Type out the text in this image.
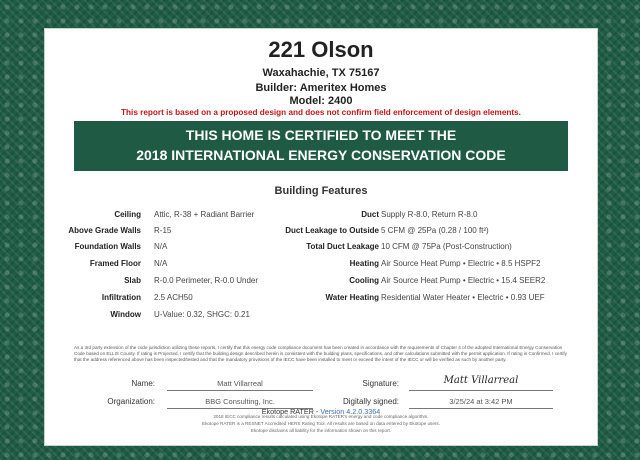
221 Olson
Waxahachie, TX 75167
Builder: Ameritex Homes
Model: 2400
This report is based on a proposed design and does not confirm field enforcement of design elements.
THIS HOME IS CERTIFIED TO MEET THE
2018 INTERNATIONAL ENERGY CONSERVATION CODE
Building Features
Ceiling Attic, R-38 + Radiant Barrier
Above Grade Walls R-15
Foundation Walls N/A
Framed Floor N/A
Slab R-0.0 Perimeter, R-0.0 Under
Infiltration 2.5 ACH50
Window U-Value: 0.32, SHGC: 0.21
Duct Supply R-8.0, Return R-8.0
Duct Leakage to Outside 5 CFM @ 25Pa (0.28 / 100 ft²)
Total Duct Leakage 10 CFM @ 75Pa (Post-Construction)
Heating Air Source Heat Pump • Electric • 8.5 HSPF2
Cooling Air Source Heat Pump • Electric • 15.4 SEER2
Water Heating Residential Water Heater • Electric • 0.93 UEF
As a 3rd party extension of the code jurisdiction utilizing these reports, I certify that this energy code compliance document has been created in accordance with the requirements of Chapter 4 of the adopted International Energy Conservation Code based on ELLIS County. If rating is Projected, I certify that the building design described herein is consistent with the building plans, specifications, and other calculations submitted with the permit application. If rating is Confirmed, I certify that the address referenced above has been inspected/tested and that the mandatory provisions of the IECC have been installed to meet or exceed the intent of the IECC or will be verified as such by another party.
Name:	Matt Villarreal	Signature:	Matt Villarreal
Organization:	BBG Consulting, Inc.	Digitally signed:	3/25/24 at 3:42 PM
Ekotope RATER - Version 4.2.0.3364
2018 IECC compliance results calculated using Ekotope RATER's energy and code compliance algorithm.
Ekotope RATER is a RESNET Accredited HERS Rating Tool. All results are based on data entered by Ekotope users.
Ekotope disclaims all liability for the information shown on this report.
